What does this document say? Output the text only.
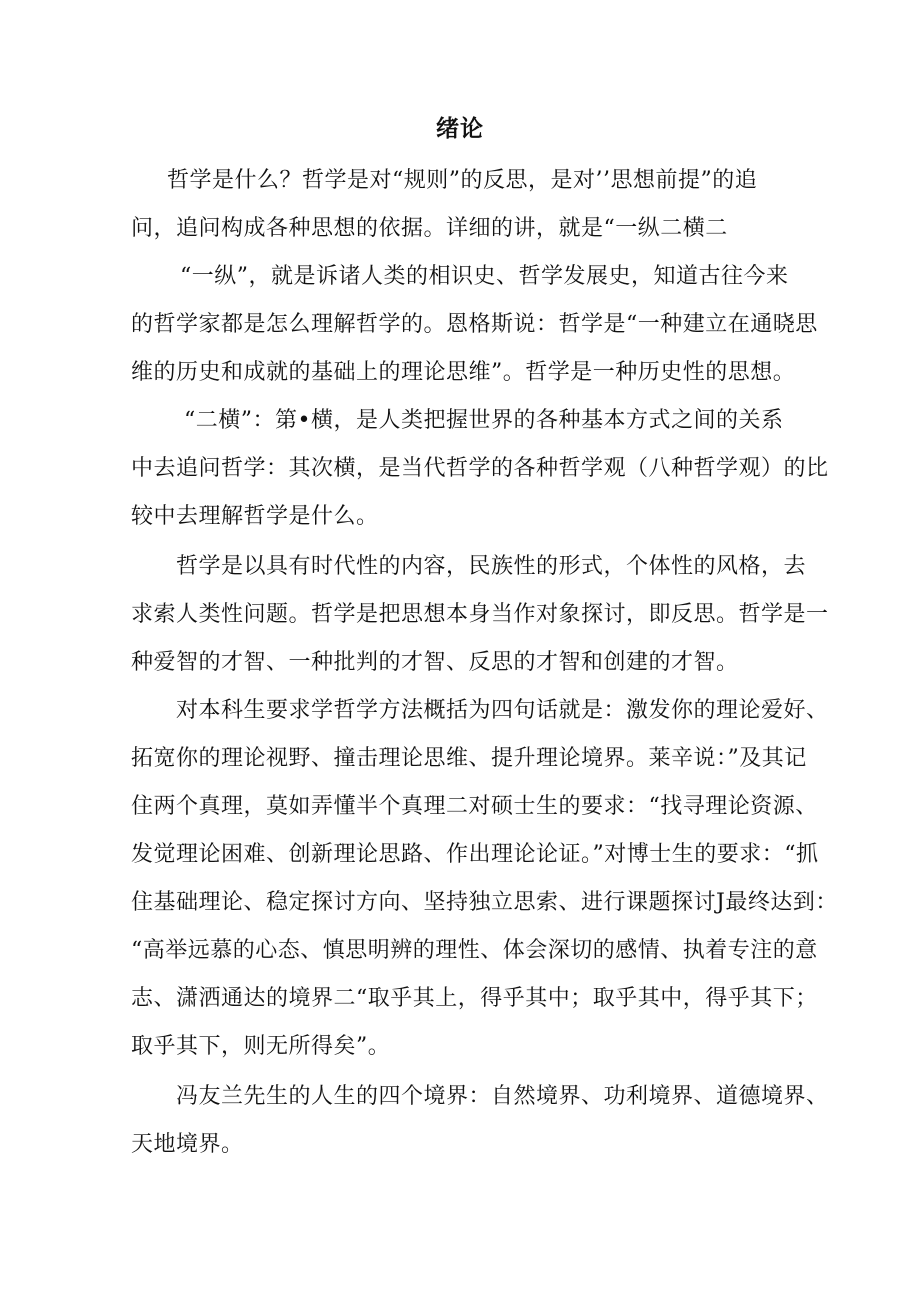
绪论

哲学是什么？哲学是对“规则”的反思，是对’’思想前提”的追

问，追问构成各种思想的依据。详细的讲，就是“一纵二横二

“一纵”，就是诉诸人类的相识史、哲学发展史，知道古往今来

的哲学家都是怎么理解哲学的。恩格斯说：哲学是“一种建立在通晓思

维的历史和成就的基础上的理论思维”。哲学是一种历史性的思想。

“二横”：第•横，是人类把握世界的各种基本方式之间的关系

中去追问哲学：其次横，是当代哲学的各种哲学观（八种哲学观）的比

较中去理解哲学是什么。

哲学是以具有时代性的内容，民族性的形式，个体性的风格，去

求索人类性问题。哲学是把思想本身当作对象探讨，即反思。哲学是一

种爱智的才智、一种批判的才智、反思的才智和创建的才智。

对本科生要求学哲学方法概括为四句话就是：激发你的理论爱好、

拓宽你的理论视野、撞击理论思维、提升理论境界。莱辛说：”及其记

住两个真理，莫如弄懂半个真理二对硕士生的要求：“找寻理论资源、

发觉理论困难、创新理论思路、作出理论论证。”对博士生的要求：“抓

住基础理论、稳定探讨方向、坚持独立思索、进行课题探讨J最终达到：

“高举远慕的心态、慎思明辨的理性、体会深切的感情、执着专注的意

志、潇洒通达的境界二“取乎其上，得乎其中；取乎其中，得乎其下；

取乎其下，则无所得矣”。

冯友兰先生的人生的四个境界：自然境界、功利境界、道德境界、

天地境界。
